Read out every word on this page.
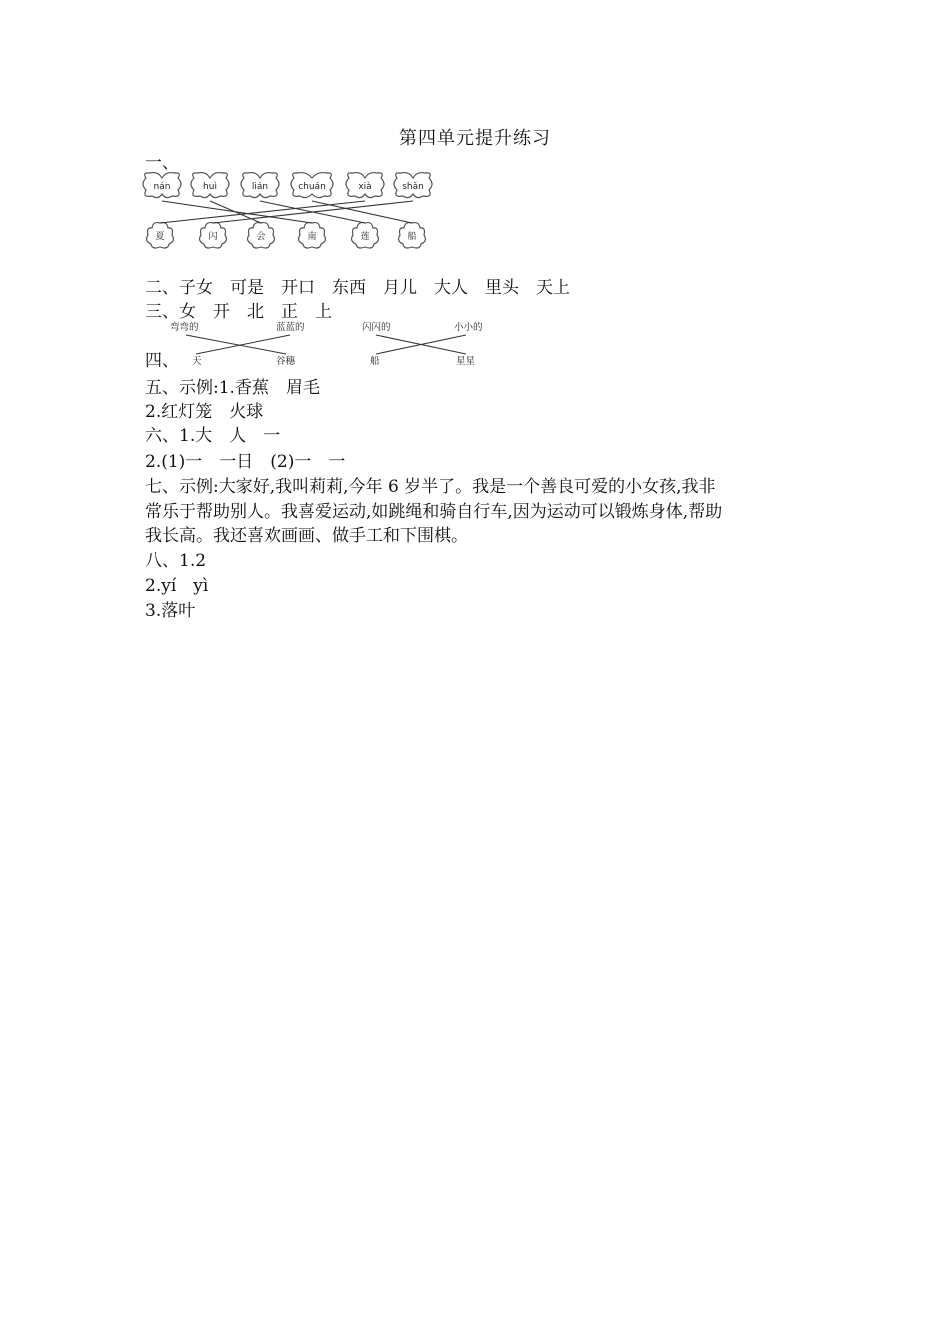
第四单元提升练习
一、
nán	huì	lián	chuán	xià	shǎn
夏	闪	会	南	莲	船
二、子女　可是　开口　东西　月儿　大人　里头　天上
三、女　开　北　正　上
四、
弯弯的	蓝蓝的	闪闪的	小小的
天	谷穗	船	星星
五、示例:1.香蕉　眉毛
2.红灯笼　火球
六、1.大　人　一
2.(1)一　一日　(2)一　一
七、示例:大家好,我叫莉莉,今年 6 岁半了。我是一个善良可爱的小女孩,我非
常乐于帮助别人。我喜爱运动,如跳绳和骑自行车,因为运动可以锻炼身体,帮助
我长高。我还喜欢画画、做手工和下围棋。
八、1.2
2.yí　yì
3.落叶
